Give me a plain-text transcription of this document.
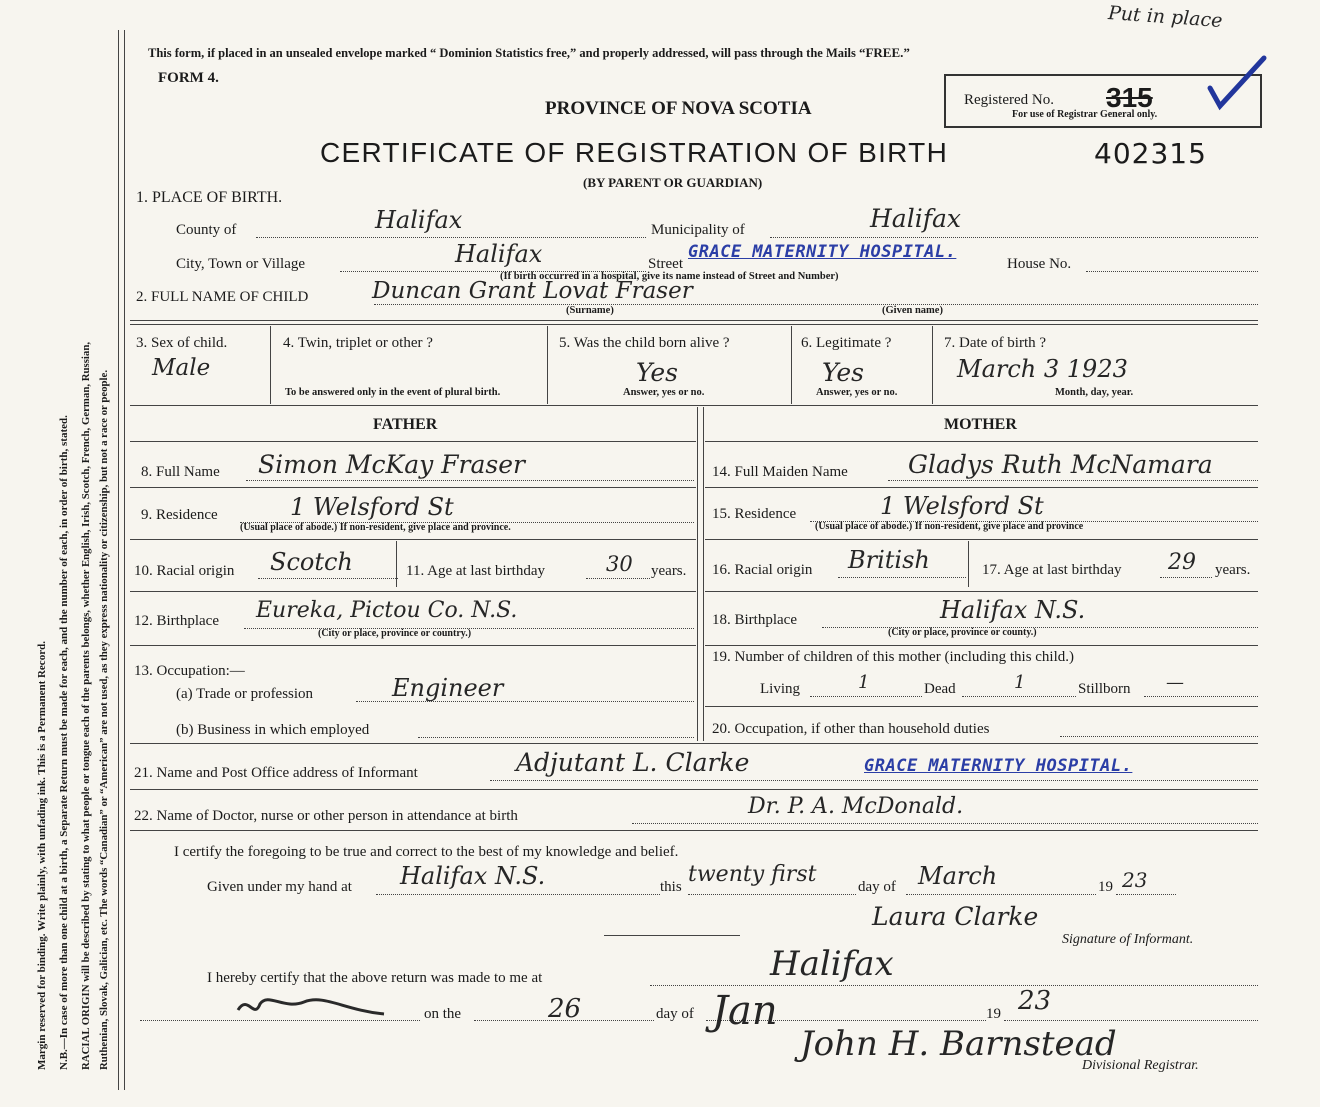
Margin reserved for binding. Write plainly, with unfading ink. This is a Permanent Record. N.B.—In case of more than one child at a birth, a Separate Return must be made for each, and the number of each, in order of birth, stated. RACIAL ORIGIN will be described by stating to what people or tongue each of the parents belongs, whether English, Irish, Scotch, French, German, Russian, Ruthenian, Slovak, Galician, etc. The words “Canadian” or “American” are not used, as they express nationality or citizenship, but not a race or people.
This form, if placed in an unsealed envelope marked “ Dominion Statistics free,” and properly addressed, will pass through the Mails “FREE.”
FORM 4.
PROVINCE OF NOVA SCOTIA
Put in place
Registered No. 315
For use of Registrar General only.
CERTIFICATE OF REGISTRATION OF BIRTH	402315
(BY PARENT OR GUARDIAN)
1. PLACE OF BIRTH.
County of	Halifax	Municipality of	Halifax
City, Town or Village	Halifax	Street
GRACE MATERNITY HOSPITAL.
House No.
(If birth occurred in a hospital, give its name instead of Street and Number)
2. FULL NAME OF CHILD	Duncan Grant Lovat Fraser
(Surname)	(Given name)
3. Sex of child.
Male
4. Twin, triplet or other ?
To be answered only in the event of plural birth.
5. Was the child born alive ?
Yes
Answer, yes or no.
6. Legitimate ?
Yes
Answer, yes or no.
7. Date of birth ?
March 3 1923
Month, day, year.
FATHER	MOTHER
8. Full Name Simon McKay Fraser	14. Full Maiden Name Gladys Ruth McNamara
9. Residence	1 Welsford St
(Usual place of abode.) If non-resident, give place and province.
15. Residence	1 Welsford St
(Usual place of abode.) If non-resident, give place and province
10. Racial origin Scotch	11. Age at last birthday	30 years. 16. Racial origin British	17. Age at last birthday 29 years.
12. Birthplace Eureka, Pictou Co. N.S.
(City or place, province or country.)
18. Birthplace	Halifax N.S.
(City or place, province or county.)
13. Occupation:—
(a) Trade or profession	Engineer
(b) Business in which employed
19. Number of children of this mother (including this child.)
Living	1	Dead	1	Stillborn —
20. Occupation, if other than household duties
21. Name and Post Office address of Informant	Adjutant L. Clarke	GRACE MATERNITY HOSPITAL.
22. Name of Doctor, nurse or other person in attendance at birth	Dr. P. A. McDonald.
I certify the foregoing to be true and correct to the best of my knowledge and belief.
Given under my hand at Halifax N.S.	this twenty first	day of March	19 23
Laura Clarke
Signature of Informant.
I hereby certify that the above return was made to me at	Halifax
on the	26	day of Jan	19 23
John H. Barnstead
Divisional Registrar.
